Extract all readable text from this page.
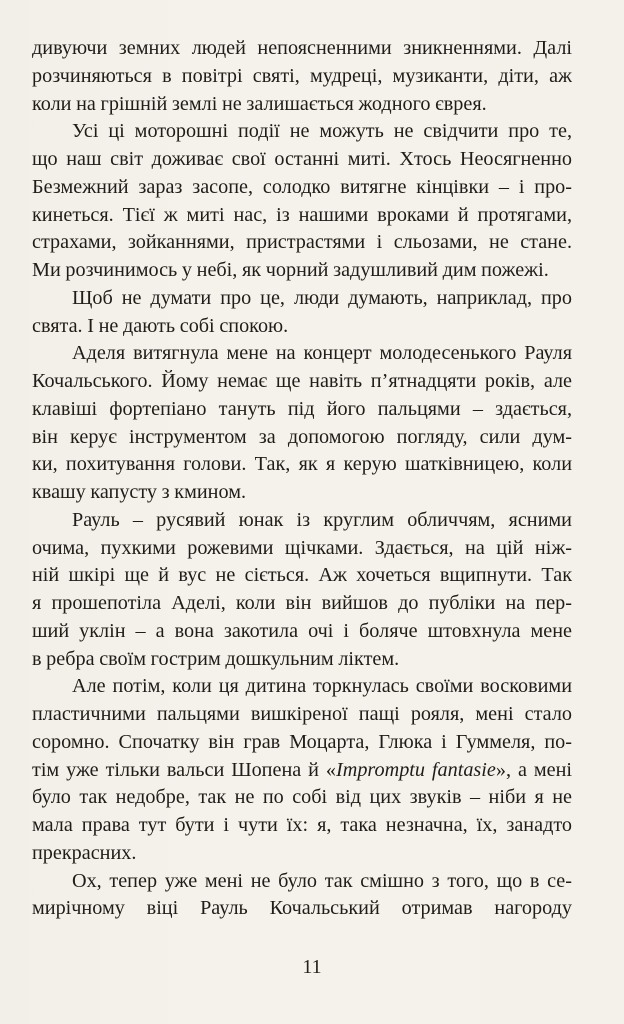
дивуючи земних людей непоясненними зникненнями. Далі
розчиняються в повітрі святі, мудреці, музиканти, діти, аж
коли на грішній землі не залишається жодного єврея.
Усі ці моторошні події не можуть не свідчити про те,
що наш світ доживає свої останні миті. Хтось Неосягненно
Безмежний зараз засопе, солодко витягне кінцівки – і про-
кинеться. Тієї ж миті нас, із нашими вроками й протягами,
страхами, зойканнями, пристрастями і сльозами, не стане.
Ми розчинимось у небі, як чорний задушливий дим пожежі.
Щоб не думати про це, люди думають, наприклад, про
свята. І не дають собі спокою.
Аделя витягнула мене на концерт молодесенького Рауля
Кочальського. Йому немає ще навіть п’ятнадцяти років, але
клавіші фортепіано тануть під його пальцями – здається,
він керує інструментом за допомогою погляду, сили дум-
ки, похитування голови. Так, як я керую шатківницею, коли
квашу капусту з кмином.
Рауль – русявий юнак із круглим обличчям, ясними
очима, пухкими рожевими щічками. Здається, на цій ніж-
ній шкірі ще й вус не сіється. Аж хочеться вщипнути. Так
я прошепотіла Аделі, коли він вийшов до публіки на пер-
ший уклін – а вона закотила очі і боляче штовхнула мене
в ребра своїм гострим дошкульним ліктем.
Але потім, коли ця дитина торкнулась своїми восковими
пластичними пальцями вишкіреної пащі рояля, мені стало
соромно. Спочатку він грав Моцарта, Глюка і Гуммеля, по-
тім уже тільки вальси Шопена й «Impromptu fantasie», а мені
було так недобре, так не по собі від цих звуків – ніби я не
мала права тут бути і чути їх: я, така незначна, їх, занадто
прекрасних.
Ох, тепер уже мені не було так смішно з того, що в се-
мирічному віці Рауль Кочальський отримав нагороду
11
